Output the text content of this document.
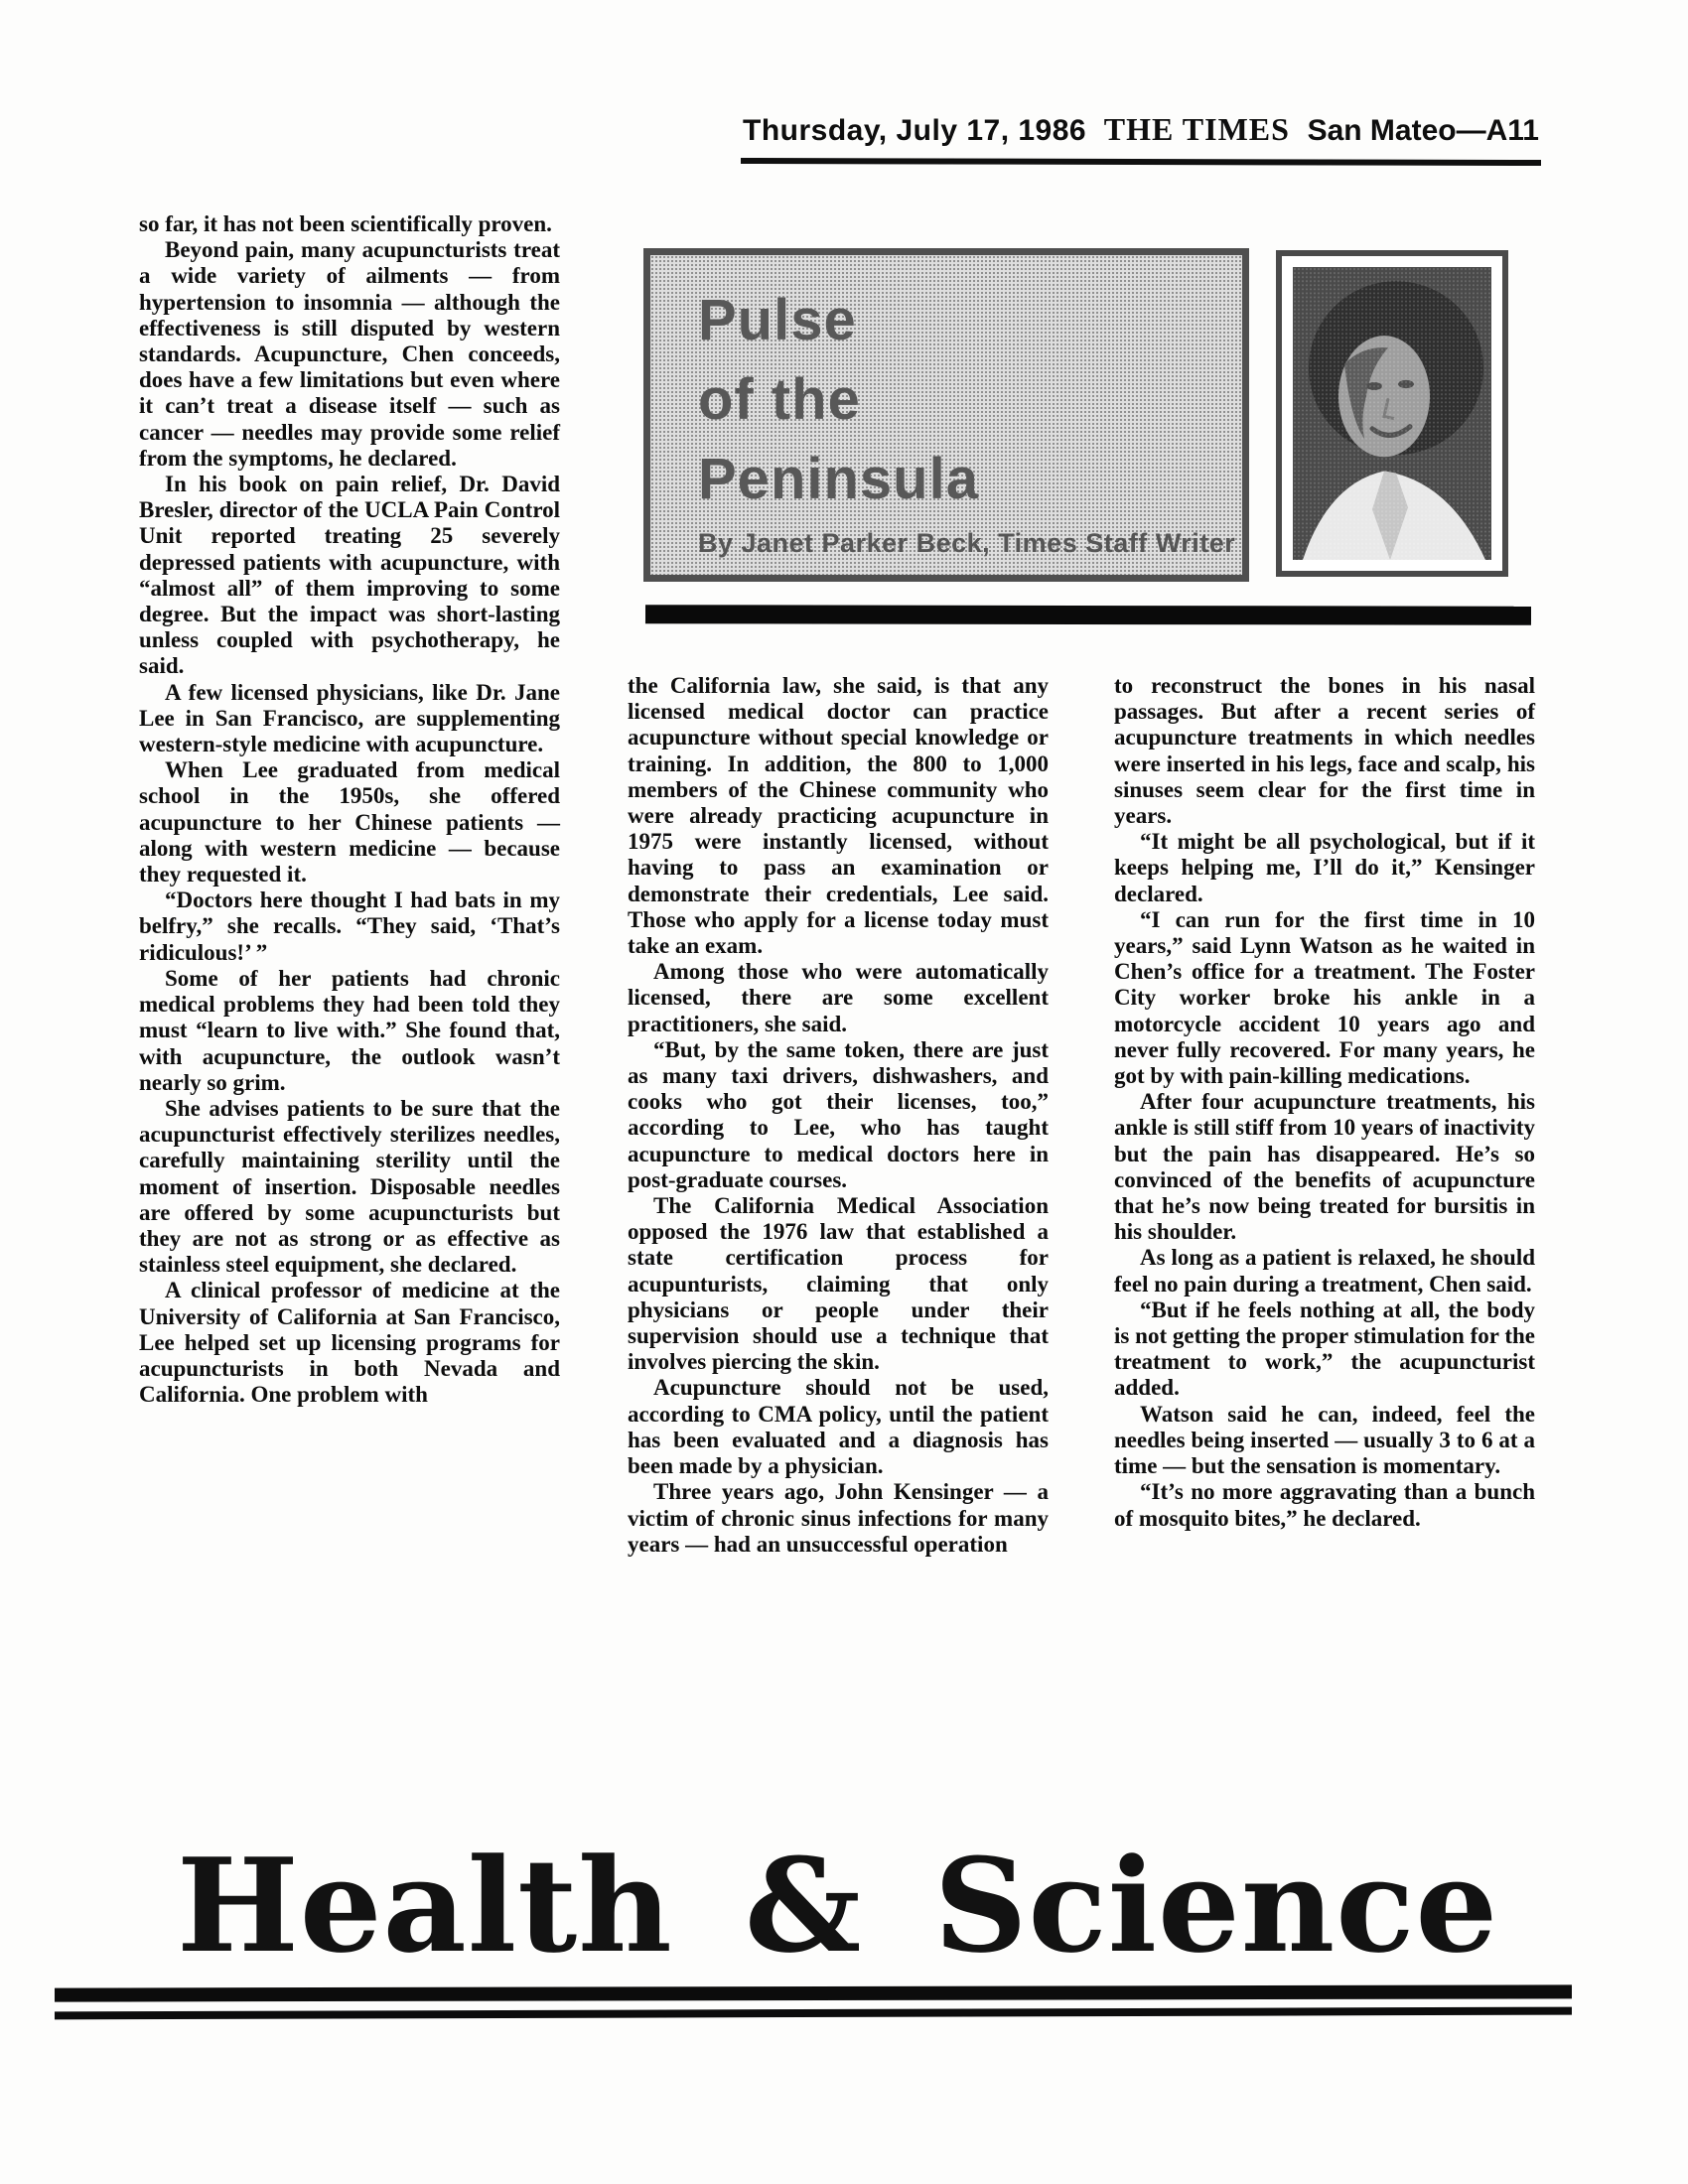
Thursday, July 17, 1986 THE TIMES San Mateo—A11

so far, it has not been scientifically proven.

Beyond pain, many acupuncturists treat a wide variety of ailments — from hypertension to insomnia — although the effectiveness is still disputed by western standards. Acupuncture, Chen conceeds, does have a few limitations but even where it can’t treat a disease itself — such as cancer — needles may provide some relief from the symptoms, he declared.

In his book on pain relief, Dr. David Bresler, director of the UCLA Pain Control Unit reported treating 25 severely depressed patients with acupuncture, with “almost all” of them improving to some degree. But the impact was short-lasting unless coupled with psychotherapy, he said.

A few licensed physicians, like Dr. Jane Lee in San Francisco, are supplementing western-style medicine with acupuncture.

When Lee graduated from medical school in the 1950s, she offered acupuncture to her Chinese patients — along with western medicine — because they requested it.

“Doctors here thought I had bats in my belfry,” she recalls. “They said, ‘That’s ridiculous!’ ”

Some of her patients had chronic medical problems they had been told they must “learn to live with.” She found that, with acupuncture, the outlook wasn’t nearly so grim.

She advises patients to be sure that the acupuncturist effectively sterilizes needles, carefully maintaining sterility until the moment of insertion. Disposable needles are offered by some acupuncturists but they are not as strong or as effective as stainless steel equipment, she declared.

A clinical professor of medicine at the University of California at San Francisco, Lee helped set up licensing programs for acupuncturists in both Nevada and California. One problem with

Pulse
of the
Peninsula
By Janet Parker Beck, Times Staff Writer

the California law, she said, is that any licensed medical doctor can practice acupuncture without special knowledge or training. In addition, the 800 to 1,000 members of the Chinese community who were already practicing acupuncture in 1975 were instantly licensed, without having to pass an examination or demonstrate their credentials, Lee said. Those who apply for a license today must take an exam.

Among those who were automatically licensed, there are some excellent practitioners, she said.

“But, by the same token, there are just as many taxi drivers, dishwashers, and cooks who got their licenses, too,” according to Lee, who has taught acupuncture to medical doctors here in post-graduate courses.

The California Medical Association opposed the 1976 law that established a state certification process for acupunturists, claiming that only physicians or people under their supervision should use a technique that involves piercing the skin.

Acupuncture should not be used, according to CMA policy, until the patient has been evaluated and a diagnosis has been made by a physician.

Three years ago, John Kensinger — a victim of chronic sinus infections for many years — had an unsuccessful operation

to reconstruct the bones in his nasal passages. But after a recent series of acupuncture treatments in which needles were inserted in his legs, face and scalp, his sinuses seem clear for the first time in years.

“It might be all psychological, but if it keeps helping me, I’ll do it,” Kensinger declared.

“I can run for the first time in 10 years,” said Lynn Watson as he waited in Chen’s office for a treatment. The Foster City worker broke his ankle in a motorcycle accident 10 years ago and never fully recovered. For many years, he got by with pain-killing medications.

After four acupuncture treatments, his ankle is still stiff from 10 years of inactivity but the pain has disappeared. He’s so convinced of the benefits of acupuncture that he’s now being treated for bursitis in his shoulder.

As long as a patient is relaxed, he should feel no pain during a treatment, Chen said.

“But if he feels nothing at all, the body is not getting the proper stimulation for the treatment to work,” the acupuncturist added.

Watson said he can, indeed, feel the needles being inserted — usually 3 to 6 at a time — but the sensation is momentary.

“It’s no more aggravating than a bunch of mosquito bites,” he declared.

Health & Science
